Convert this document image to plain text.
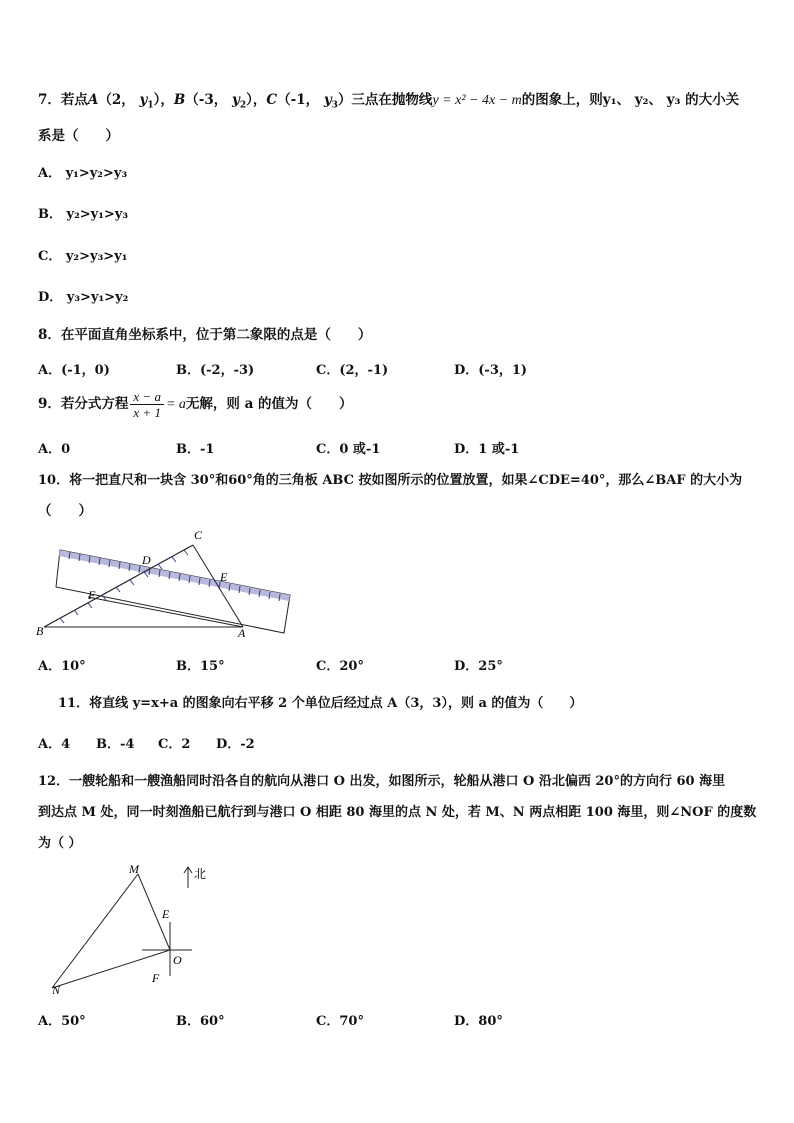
7．若点A（2， $y_1$），B（-3， $y_2$），C（-1， $y_3$）三点在抛物线y = x² − 4x − m的图象上，则y₁、 y₂、 y₃ 的大小关
系是（　　）
A． y₁>y₂>y₃
B． y₂>y₁>y₃
C． y₂>y₃>y₁
D． y₃>y₁>y₂
8．在平面直角坐标系中，位于第二象限的点是（　　）
A．(-1，0)	B．(-2，-3)	C．(2，-1)	D．(-3，1)
9．若分式方程 $\frac{x - a}{x + 1} = a$无解，则 a 的值为（　　）
A．0	B．-1	C．0 或-1	D．1 或-1
10．将一把直尺和一块含 30°和60°角的三角板 ABC 按如图所示的位置放置，如果∠CDE=40°，那么∠BAF 的大小为
（　　）
C
D
E
F
B	A
A．10°	B．15°	C．20°	D．25°
11．将直线 y=x+a 的图象向右平移 2 个单位后经过点 A（3，3），则 a 的值为（　　）
A．4 B．-4 C．2 D．-2
12．一艘轮船和一艘渔船同时沿各自的航向从港口 O 出发，如图所示，轮船从港口 O 沿北偏西 20°的方向行 60 海里
到达点 M 处，同一时刻渔船已航行到与港口 O 相距 80 海里的点 N 处，若 M、N 两点相距 100 海里，则∠NOF 的度数
为（ ）
北
M
E
O
F
N
A．50°	B．60°	C．70°	D．80°
